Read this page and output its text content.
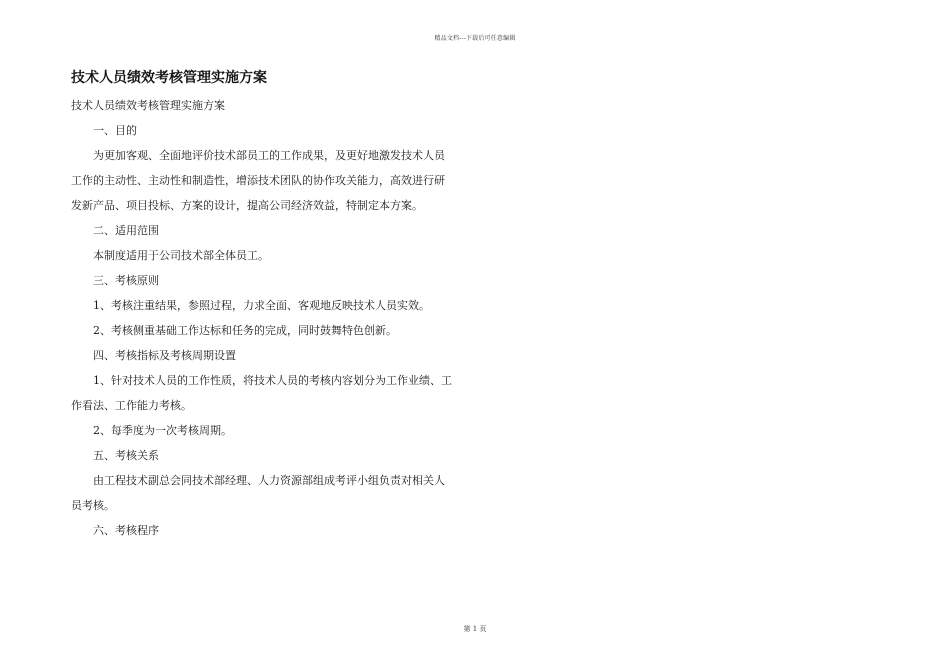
精品文档---下载后可任意编辑
技术人员绩效考核管理实施方案
技术人员绩效考核管理实施方案
一、目的
为更加客观、全面地评价技术部员工的工作成果，及更好地激发技术人员
工作的主动性、主动性和制造性，增添技术团队的协作攻关能力，高效进行研
发新产品、项目投标、方案的设计，提高公司经济效益，特制定本方案。
二、适用范围
本制度适用于公司技术部全体员工。
三、考核原则
1、考核注重结果，参照过程，力求全面、客观地反映技术人员实效。
2、考核侧重基础工作达标和任务的完成，同时鼓舞特色创新。
四、考核指标及考核周期设置
1、针对技术人员的工作性质，将技术人员的考核内容划分为工作业绩、工
作看法、工作能力考核。
2、每季度为一次考核周期。
五、考核关系
由工程技术副总会同技术部经理、人力资源部组成考评小组负责对相关人
员考核。
六、考核程序
第 1 页
